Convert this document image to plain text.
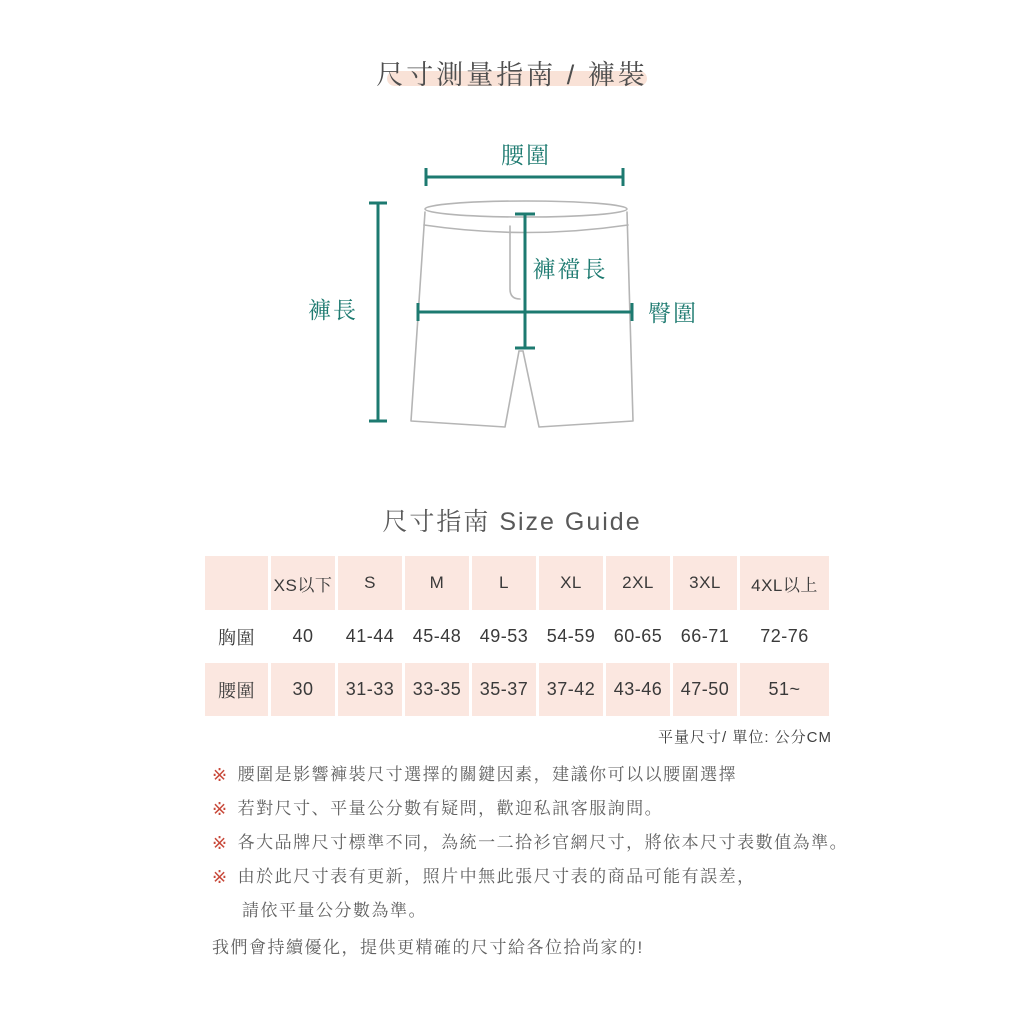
尺寸測量指南 / 褲裝
腰圍
褲長
褲襠長
臀圍
尺寸指南 Size Guide
	XS以下	S	M	L	XL	2XL	3XL	4XL以上
胸圍	40	41-44	45-48	49-53	54-59	60-65	66-71	72-76
腰圍	30	31-33	33-35	35-37	37-42	43-46	47-50	51~
平量尺寸/ 單位: 公分CM
※ 腰圍是影響褲裝尺寸選擇的關鍵因素，建議你可以以腰圍選擇
※ 若對尺寸、平量公分數有疑問，歡迎私訊客服詢問。
※ 各大品牌尺寸標準不同，為統一二拾衫官網尺寸，將依本尺寸表數值為準。
※ 由於此尺寸表有更新，照片中無此張尺寸表的商品可能有誤差，
請依平量公分數為準。
我們會持續優化，提供更精確的尺寸給各位拾尚家的!
